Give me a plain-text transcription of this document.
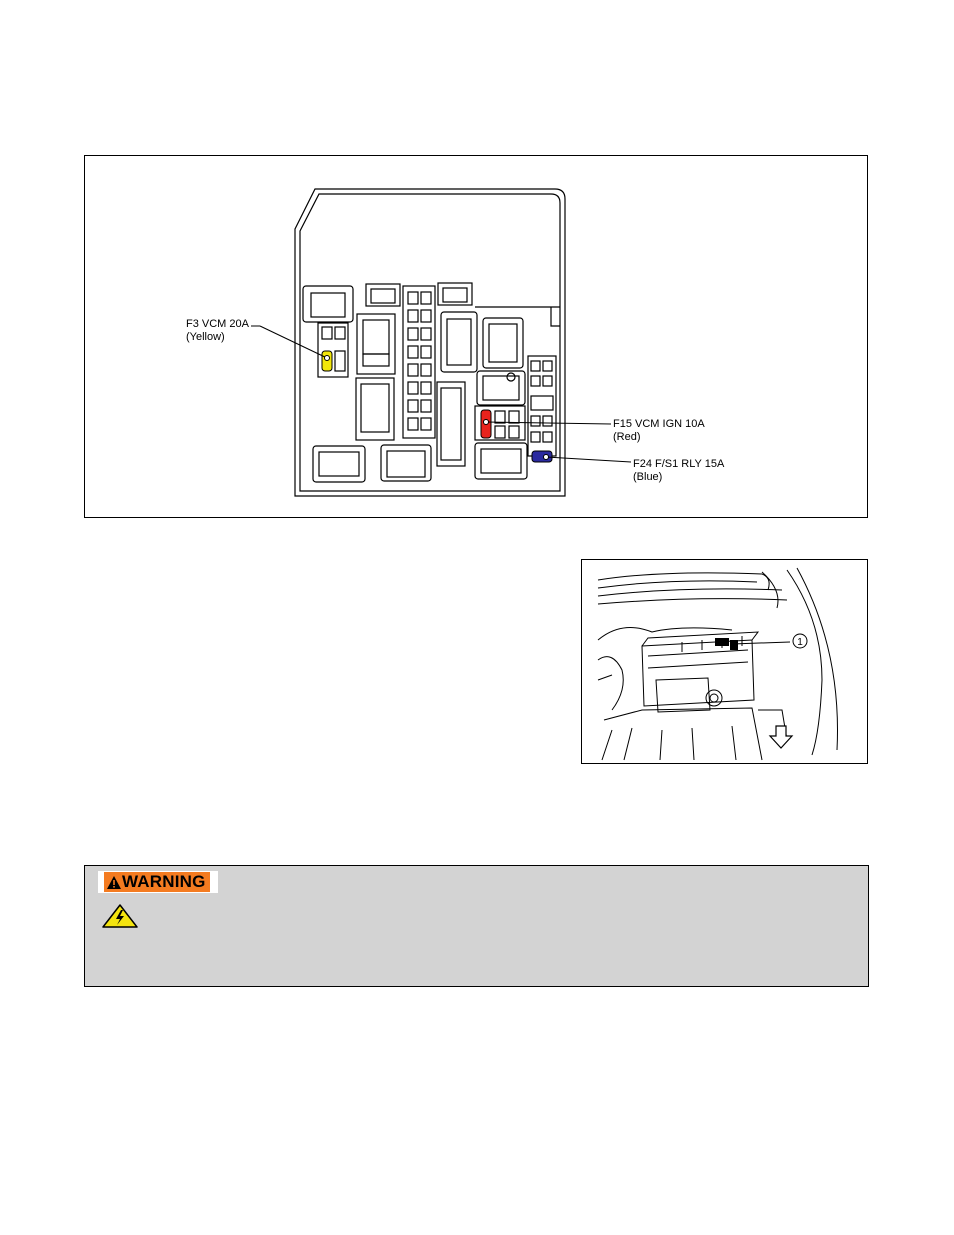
F3 VCM 20A
(Yellow)
F15 VCM IGN 10A
(Red)
F24 F/S1 RLY 15A
(Blue)
1
WARNING
